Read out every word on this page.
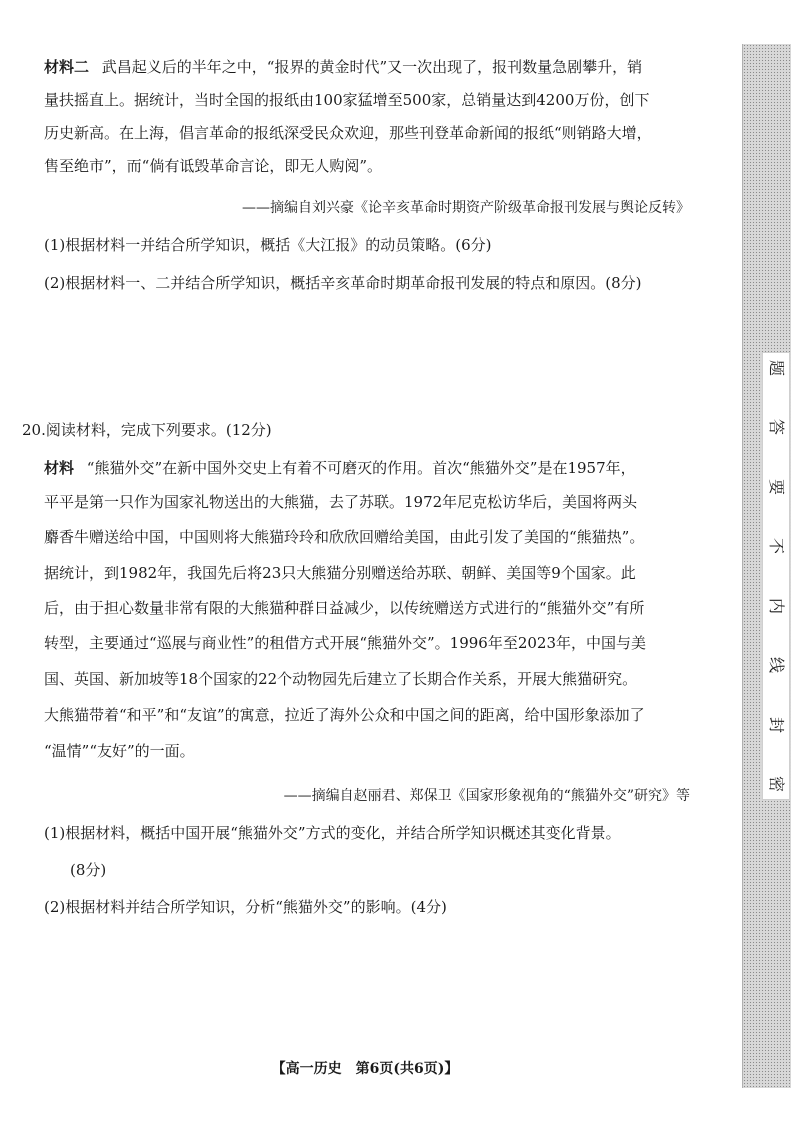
材料二 武昌起义后的半年之中，“报界的黄金时代”又一次出现了，报刊数量急剧攀升，销
量扶摇直上。据统计，当时全国的报纸由100家猛增至500家，总销量达到4200万份，创下
历史新高。在上海，倡言革命的报纸深受民众欢迎，那些刊登革命新闻的报纸“则销路大增，
售至绝市”，而“倘有诋毁革命言论，即无人购阅”。
——摘编自刘兴豪《论辛亥革命时期资产阶级革命报刊发展与舆论反转》
(1)根据材料一并结合所学知识，概括《大江报》的动员策略。(6分)
(2)根据材料一、二并结合所学知识，概括辛亥革命时期革命报刊发展的特点和原因。(8分)
20.阅读材料，完成下列要求。(12分)
材料 “熊猫外交”在新中国外交史上有着不可磨灭的作用。首次“熊猫外交”是在1957年，
平平是第一只作为国家礼物送出的大熊猫，去了苏联。1972年尼克松访华后，美国将两头
麝香牛赠送给中国，中国则将大熊猫玲玲和欣欣回赠给美国，由此引发了美国的“熊猫热”。
据统计，到1982年，我国先后将23只大熊猫分别赠送给苏联、朝鲜、美国等9个国家。此
后，由于担心数量非常有限的大熊猫种群日益减少，以传统赠送方式进行的“熊猫外交”有所
转型，主要通过“巡展与商业性”的租借方式开展“熊猫外交”。1996年至2023年，中国与美
国、英国、新加坡等18个国家的22个动物园先后建立了长期合作关系，开展大熊猫研究。
大熊猫带着“和平”和“友谊”的寓意，拉近了海外公众和中国之间的距离，给中国形象添加了
“温情”“友好”的一面。
——摘编自赵丽君、郑保卫《国家形象视角的“熊猫外交”研究》等
(1)根据材料，概括中国开展“熊猫外交”方式的变化，并结合所学知识概述其变化背景。
(8分)
(2)根据材料并结合所学知识，分析“熊猫外交”的影响。(4分)
【高一历史　第6页(共6页)】
题
答
要
不
内
线
封
密
